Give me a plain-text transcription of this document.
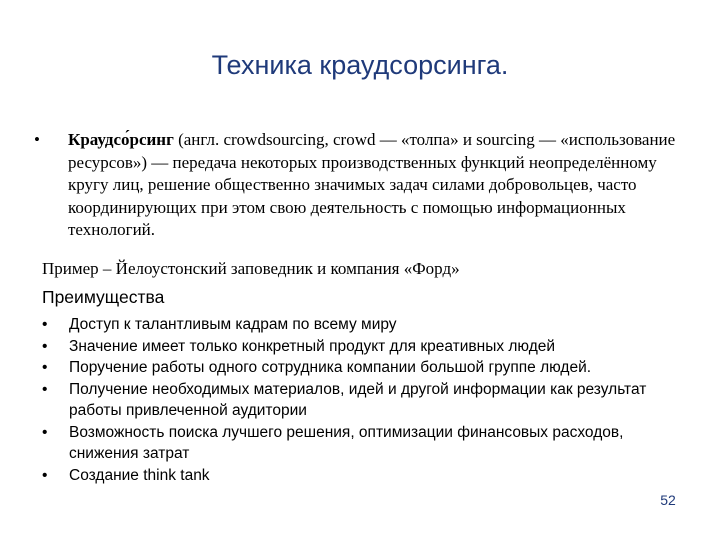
Техника краудсорсинга.
•	Краудсо́рсинг (англ. crowdsourcing, crowd — «толпа» и sourcing — «использование ресурсов») — передача некоторых производственных функций неопределённому кругу лиц, решение общественно значимых задач силами добровольцев, часто координирующих при этом свою деятельность с помощью информационных технологий.
Пример – Йелоустонский заповедник и компания «Форд»
Преимущества
•	Доступ к талантливым кадрам по всему миру
•	Значение имеет только конкретный продукт для креативных людей
•	Поручение работы одного сотрудника компании большой группе людей.
•	Получение необходимых материалов, идей и другой информации как результат работы привлеченной аудитории
•	Возможность поиска лучшего решения, оптимизации финансовых расходов, снижения затрат
•	Создание think tank
52
